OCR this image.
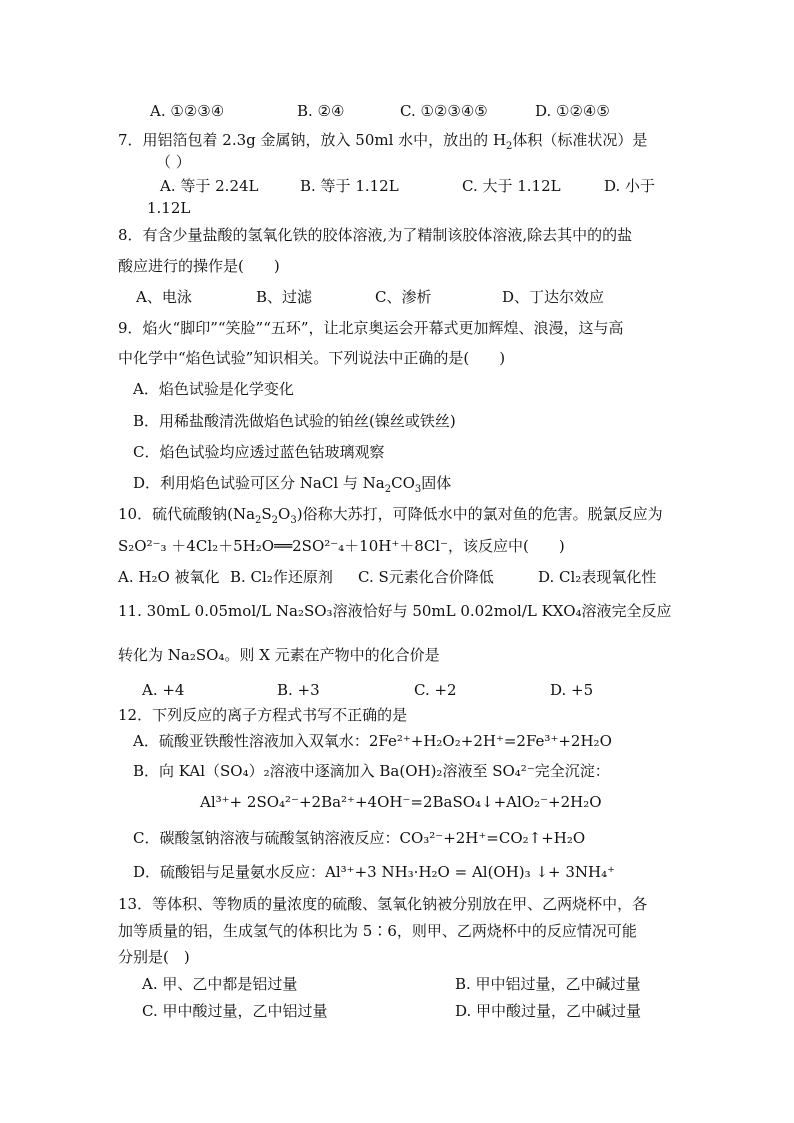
A. ①②③④	B. ②④	C. ①②③④⑤	D. ①②④⑤
7．用铝箔包着 2.3g 金属钠，放入 50ml 水中，放出的 $H_2$体积（标准状况）是
（ ）
A. 等于 2.24L	B. 等于 1.12L	C. 大于 1.12L	D. 小于
1.12L
8．有含少量盐酸的氢氧化铁的胶体溶液,为了精制该胶体溶液,除去其中的的盐
酸应进行的操作是(　　)
A、电泳	B、过滤	C、渗析	D、丁达尔效应
9．焰火“脚印”“笑脸”“五环”，让北京奥运会开幕式更加辉煌、浪漫，这与高
中化学中“焰色试验”知识相关。下列说法中正确的是(　　)
A．焰色试验是化学变化
B．用稀盐酸清洗做焰色试验的铂丝(镍丝或铁丝)
C．焰色试验均应透过蓝色钴玻璃观察
D．利用焰色试验可区分 NaCl 与 $Na_2CO_3$固体
10．硫代硫酸钠$(Na_2S_2O_3)$俗称大苏打，可降低水中的氯对鱼的危害。脱氯反应为
S₂O²⁻₃ ＋4Cl₂＋5H₂O══2SO²⁻₄＋10H⁺＋8Cl⁻，该反应中(　　)
A. H₂O 被氧化 B. Cl₂作还原剂 C. S元素化合价降低	D. Cl₂表现氧化性
11. 30mL 0.05mol/L Na₂SO₃溶液恰好与 50mL 0.02mol/L KXO₄溶液完全反应
转化为 Na₂SO₄。则 X 元素在产物中的化合价是
A. +4	B. +3	C. +2	D. +5
12．下列反应的离子方程式书写不正确的是
A．硫酸亚铁酸性溶液加入双氧水：2Fe²⁺+H₂O₂+2H⁺=2Fe³⁺+2H₂O
B．向 KAl（SO₄）₂溶液中逐滴加入 Ba(OH)₂溶液至 SO₄²⁻完全沉淀：
Al³⁺+ 2SO₄²⁻+2Ba²⁺+4OH⁻=2BaSO₄↓+AlO₂⁻+2H₂O
C．碳酸氢钠溶液与硫酸氢钠溶液反应：CO₃²⁻+2H⁺=CO₂↑+H₂O
D．硫酸铝与足量氨水反应：Al³⁺+3 NH₃·H₂O = Al(OH)₃ ↓+ 3NH₄⁺
13．等体积、等物质的量浓度的硫酸、氢氧化钠被分别放在甲、乙两烧杯中，各
加等质量的铝，生成氢气的体积比为 5∶6，则甲、乙两烧杯中的反应情况可能
分别是(　)
A. 甲、乙中都是铝过量	B. 甲中铝过量，乙中碱过量
C. 甲中酸过量，乙中铝过量	D. 甲中酸过量，乙中碱过量
